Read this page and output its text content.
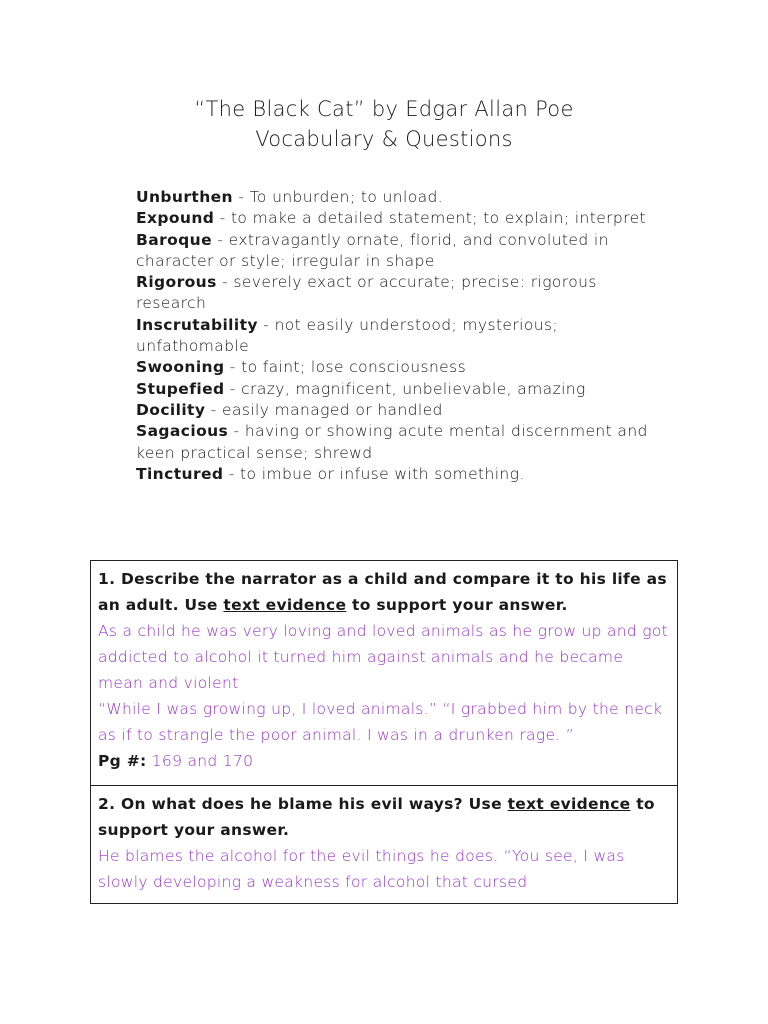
“The Black Cat” by Edgar Allan Poe
Vocabulary & Questions
Unburthen - To unburden; to unload.
Expound - to make a detailed statement; to explain; interpret
Baroque - extravagantly ornate, florid, and convoluted in character or style; irregular in shape
Rigorous - severely exact or accurate; precise: rigorous research
Inscrutability - not easily understood; mysterious; unfathomable
Swooning - to faint; lose consciousness
Stupefied - crazy, magnificent, unbelievable, amazing
Docility - easily managed or handled
Sagacious - having or showing acute mental discernment and keen practical sense; shrewd
Tinctured - to imbue or infuse with something.
1. Describe the narrator as a child and compare it to his life as an adult. Use text evidence to support your answer.
As a child he was very loving and loved animals as he grow up and got addicted to alcohol it turned him against animals and he became mean and violent
“While I was growing up, I loved animals.” “I grabbed him by the neck as if to strangle the poor animal. I was in a drunken rage. ”
Pg #: 169 and 170
2. On what does he blame his evil ways? Use text evidence to support your answer.
He blames the alcohol for the evil things he does. “You see, I was slowly developing a weakness for alcohol that cursed
